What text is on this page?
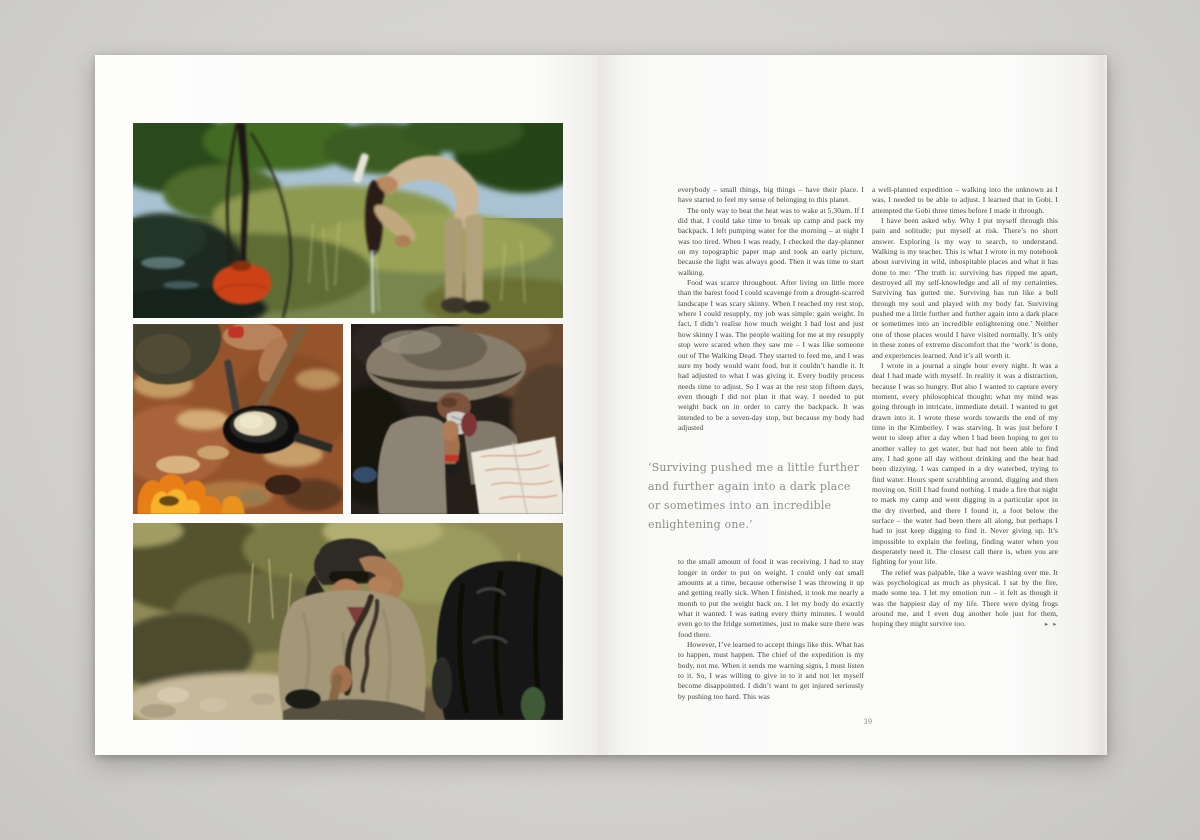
everybody – small things, big things – have their place. I have started to feel my sense of belonging to this planet.

The only way to beat the heat was to wake at 5.30am. If I did that, I could take time to break up camp and pack my backpack. I left pumping water for the morning – at night I was too tired. When I was ready, I checked the day-planner on my topographic paper map and took an early picture, because the light was always good. Then it was time to start walking.

Food was scarce throughout. After living on little more than the barest food I could scavenge from a drought-scarred landscape I was scary skinny. When I reached my rest stop, where I could resupply, my job was simple: gain weight. In fact, I didn’t realise how much weight I had lost and just how skinny I was. The people waiting for me at my resupply stop were scared when they saw me – I was like someone out of The Walking Dead. They started to feed me, and I was sure my body would want food, but it couldn’t handle it. It had adjusted to what I was giving it. Every bodily process needs time to adjust. So I was at the rest stop fifteen days, even though I did not plan it that way. I needed to put weight back on in order to carry the backpack. It was intended to be a seven-day stop, but because my body had adjusted

‘Surviving pushed me a little further and further again into a dark place or sometimes into an incredible enlightening one.’

to the small amount of food it was receiving, I had to stay longer in order to put on weight. I could only eat small amounts at a time, because otherwise I was throwing it up and getting really sick. When I finished, it took me nearly a month to put the weight back on. I let my body do exactly what it wanted. I was eating every thirty minutes. I would even go to the fridge sometimes, just to make sure there was food there.

However, I’ve learned to accept things like this. What has to happen, must happen. The chief of the expedition is my body, not me. When it sends me warning signs, I must listen to it. So, I was willing to give in to it and not let myself become disappointed. I didn’t want to get injured seriously by pushing too hard. This was

a well-planned expedition – walking into the unknown as I was, I needed to be able to adjust. I learned that in Gobi. I attempted the Gobi three times before I made it through.

I have been asked why. Why I put myself through this pain and solitude; put myself at risk. There’s no short answer. Exploring is my way to search, to understand. Walking is my teacher. This is what I wrote in my notebook about surviving in wild, inhospitable places and what it has done to me: ‘The truth is: surviving has ripped me apart, destroyed all my self-knowledge and all of my certainties. Surviving has gutted me. Surviving has run like a bull through my soul and played with my body fat. Surviving pushed me a little further and further again into a dark place or sometimes into an incredible enlightening one.’ Neither one of those places would I have visited normally. It’s only in these zones of extreme discomfort that the ‘work’ is done, and experiences learned. And it’s all worth it.

I wrote in a journal a single hour every night. It was a deal I had made with myself. In reality it was a distraction, because I was so hungry. But also I wanted to capture every moment, every philosophical thought; what my mind was going through in intricate, immediate detail. I wanted to get drawn into it. I wrote these words towards the end of my time in the Kimberley. I was starving. It was just before I went to sleep after a day when I had been hoping to get to another valley to get water, but had not been able to find any. I had gone all day without drinking and the heat had been dizzying. I was camped in a dry waterbed, trying to find water. Hours spent scrabbling around, digging and then moving on. Still I had found nothing. I made a fire that night to mark my camp and went digging in a particular spot in the dry riverbed, and there I found it, a foot below the surface – the water had been there all along, but perhaps I had to just keep digging to find it. Never giving up. It’s impossible to explain the feeling, finding water when you desperately need it. The closest call there is, when you are fighting for your life.

The relief was palpable, like a wave washing over me. It was psychological as much as physical. I sat by the fire, made some tea. I let my emotion run – it felt as though it was the happiest day of my life. There were dying frogs around me, and I even dug another hole just for them, hoping they might survive too.	▸ ▸
39
